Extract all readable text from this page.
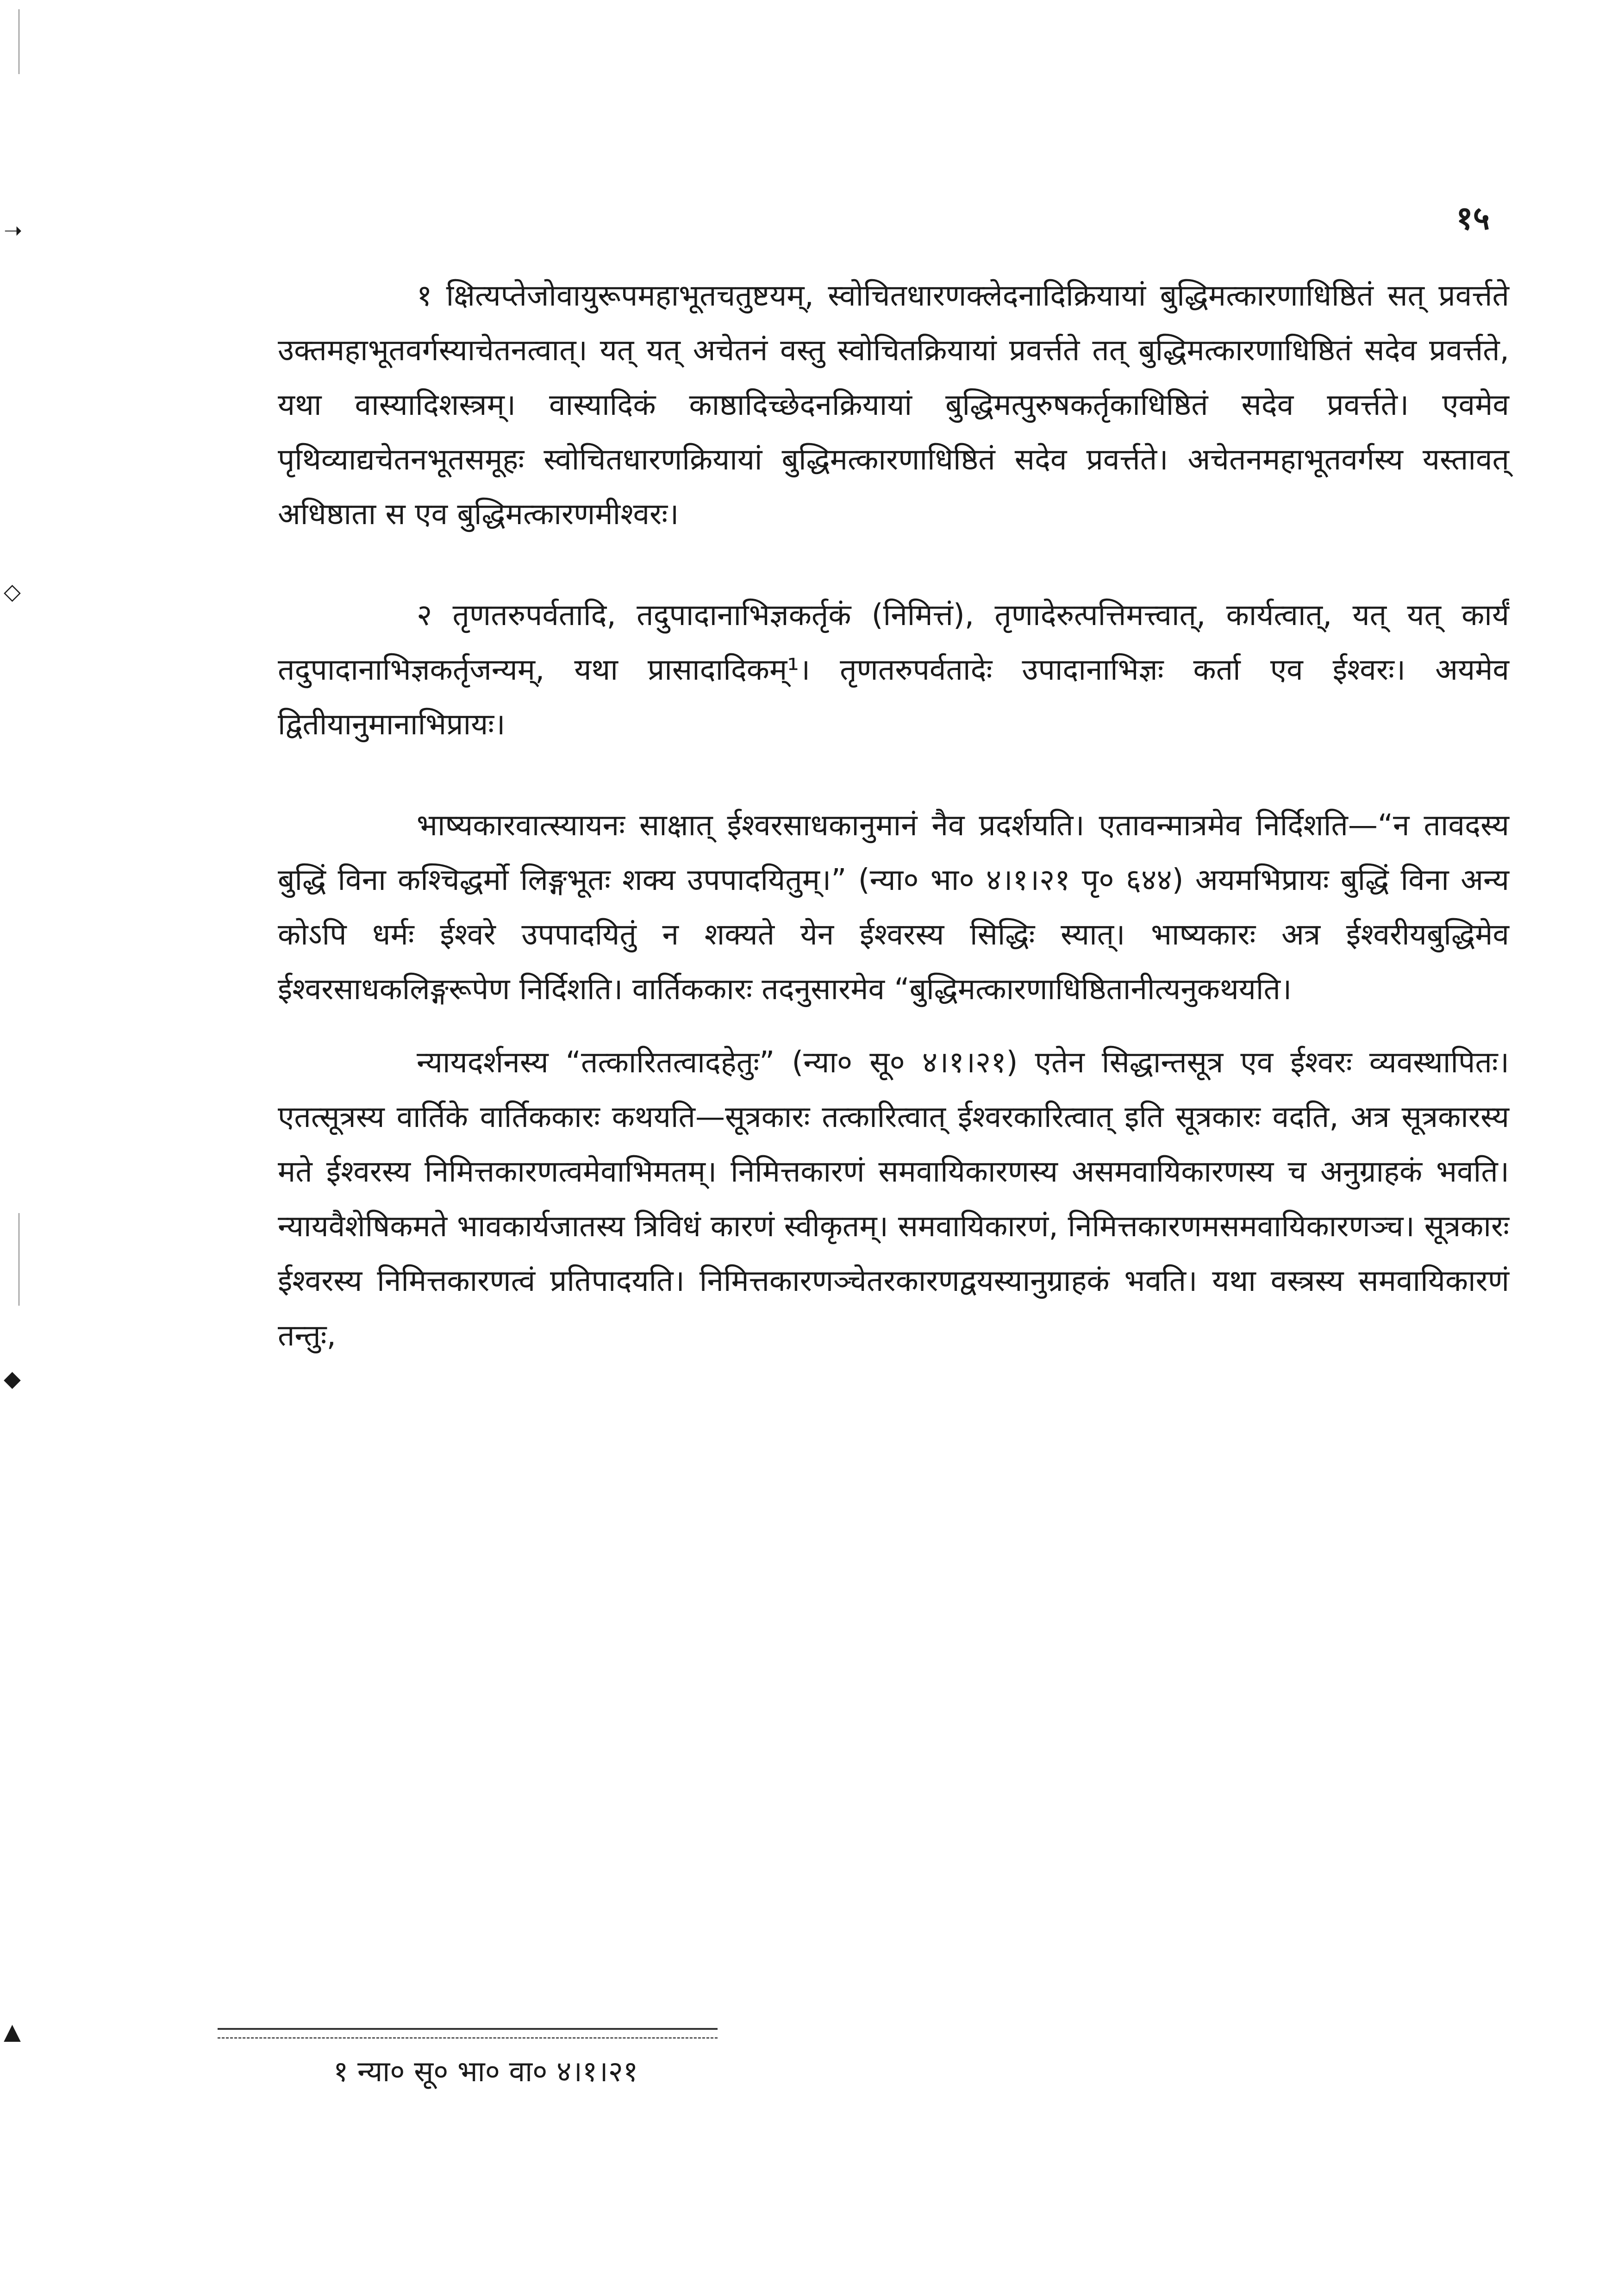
➝
◇
◆
▲
१५

१ क्षित्यप्तेजोवायुरूपमहाभूतचतुष्टयम्, स्वोचितधारणक्लेदनादिक्रियायां बुद्धिमत्कारणाधिष्ठितं सत् प्रवर्त्तते उक्तमहाभूतवर्गस्याचेतनत्वात्। यत् यत् अचेतनं वस्तु स्वोचितक्रियायां प्रवर्त्तते तत् बुद्धिमत्कारणाधिष्ठितं सदेव प्रवर्त्तते, यथा वास्यादिशस्त्रम्। वास्यादिकं काष्ठादिच्छेदनक्रियायां बुद्धिमत्पुरुषकर्तृकाधिष्ठितं सदेव प्रवर्त्तते। एवमेव पृथिव्याद्यचेतनभूतसमूहः स्वोचितधारणक्रियायां बुद्धिमत्कारणाधिष्ठितं सदेव प्रवर्त्तते। अचेतनमहाभूतवर्गस्य यस्तावत् अधिष्ठाता स एव बुद्धिमत्कारणमीश्वरः।

२ तृणतरुपर्वतादि, तदुपादानाभिज्ञकर्तृकं (निमित्तं), तृणादेरुत्पत्तिमत्त्वात्, कार्यत्वात्, यत् यत् कार्यं तदुपादानाभिज्ञकर्तृजन्यम्, यथा प्रासादादिकम्¹। तृणतरुपर्वतादेः उपादानाभिज्ञः कर्ता एव ईश्वरः। अयमेव द्वितीयानुमानाभिप्रायः।

भाष्यकारवात्स्यायनः साक्षात् ईश्वरसाधकानुमानं नैव प्रदर्शयति। एतावन्मात्रमेव निर्दिशति—“न तावदस्य बुद्धिं विना कश्चिद्धर्मो लिङ्गभूतः शक्य उपपादयितुम्।” (न्या० भा० ४।१।२१ पृ० ६४४) अयमभिप्रायः बुद्धिं विना अन्य कोऽपि धर्मः ईश्वरे उपपादयितुं न शक्यते येन ईश्वरस्य सिद्धिः स्यात्। भाष्यकारः अत्र ईश्वरीयबुद्धिमेव ईश्वरसाधकलिङ्गरूपेण निर्दिशति। वार्तिककारः तदनुसारमेव “बुद्धिमत्कारणाधिष्ठितानीत्यनुकथयति।

न्यायदर्शनस्य “तत्कारितत्वादहेतुः” (न्या० सू० ४।१।२१) एतेन सिद्धान्तसूत्र एव ईश्वरः व्यवस्थापितः। एतत्सूत्रस्य वार्तिके वार्तिककारः कथयति—सूत्रकारः तत्कारित्वात् ईश्वरकारित्वात् इति सूत्रकारः वदति, अत्र सूत्रकारस्य मते ईश्वरस्य निमित्तकारणत्वमेवाभिमतम्। निमित्तकारणं समवायिकारणस्य असमवायिकारणस्य च अनुग्राहकं भवति। न्यायवैशेषिकमते भावकार्यजातस्य त्रिविधं कारणं स्वीकृतम्। समवायिकारणं, निमित्तकारणमसमवायिकारणञ्च। सूत्रकारः ईश्वरस्य निमित्तकारणत्वं प्रतिपादयति। निमित्तकारणञ्चेतरकारणद्वयस्यानुग्राहकं भवति। यथा वस्त्रस्य समवायिकारणं तन्तुः,

१ न्या० सू० भा० वा० ४।१।२१
